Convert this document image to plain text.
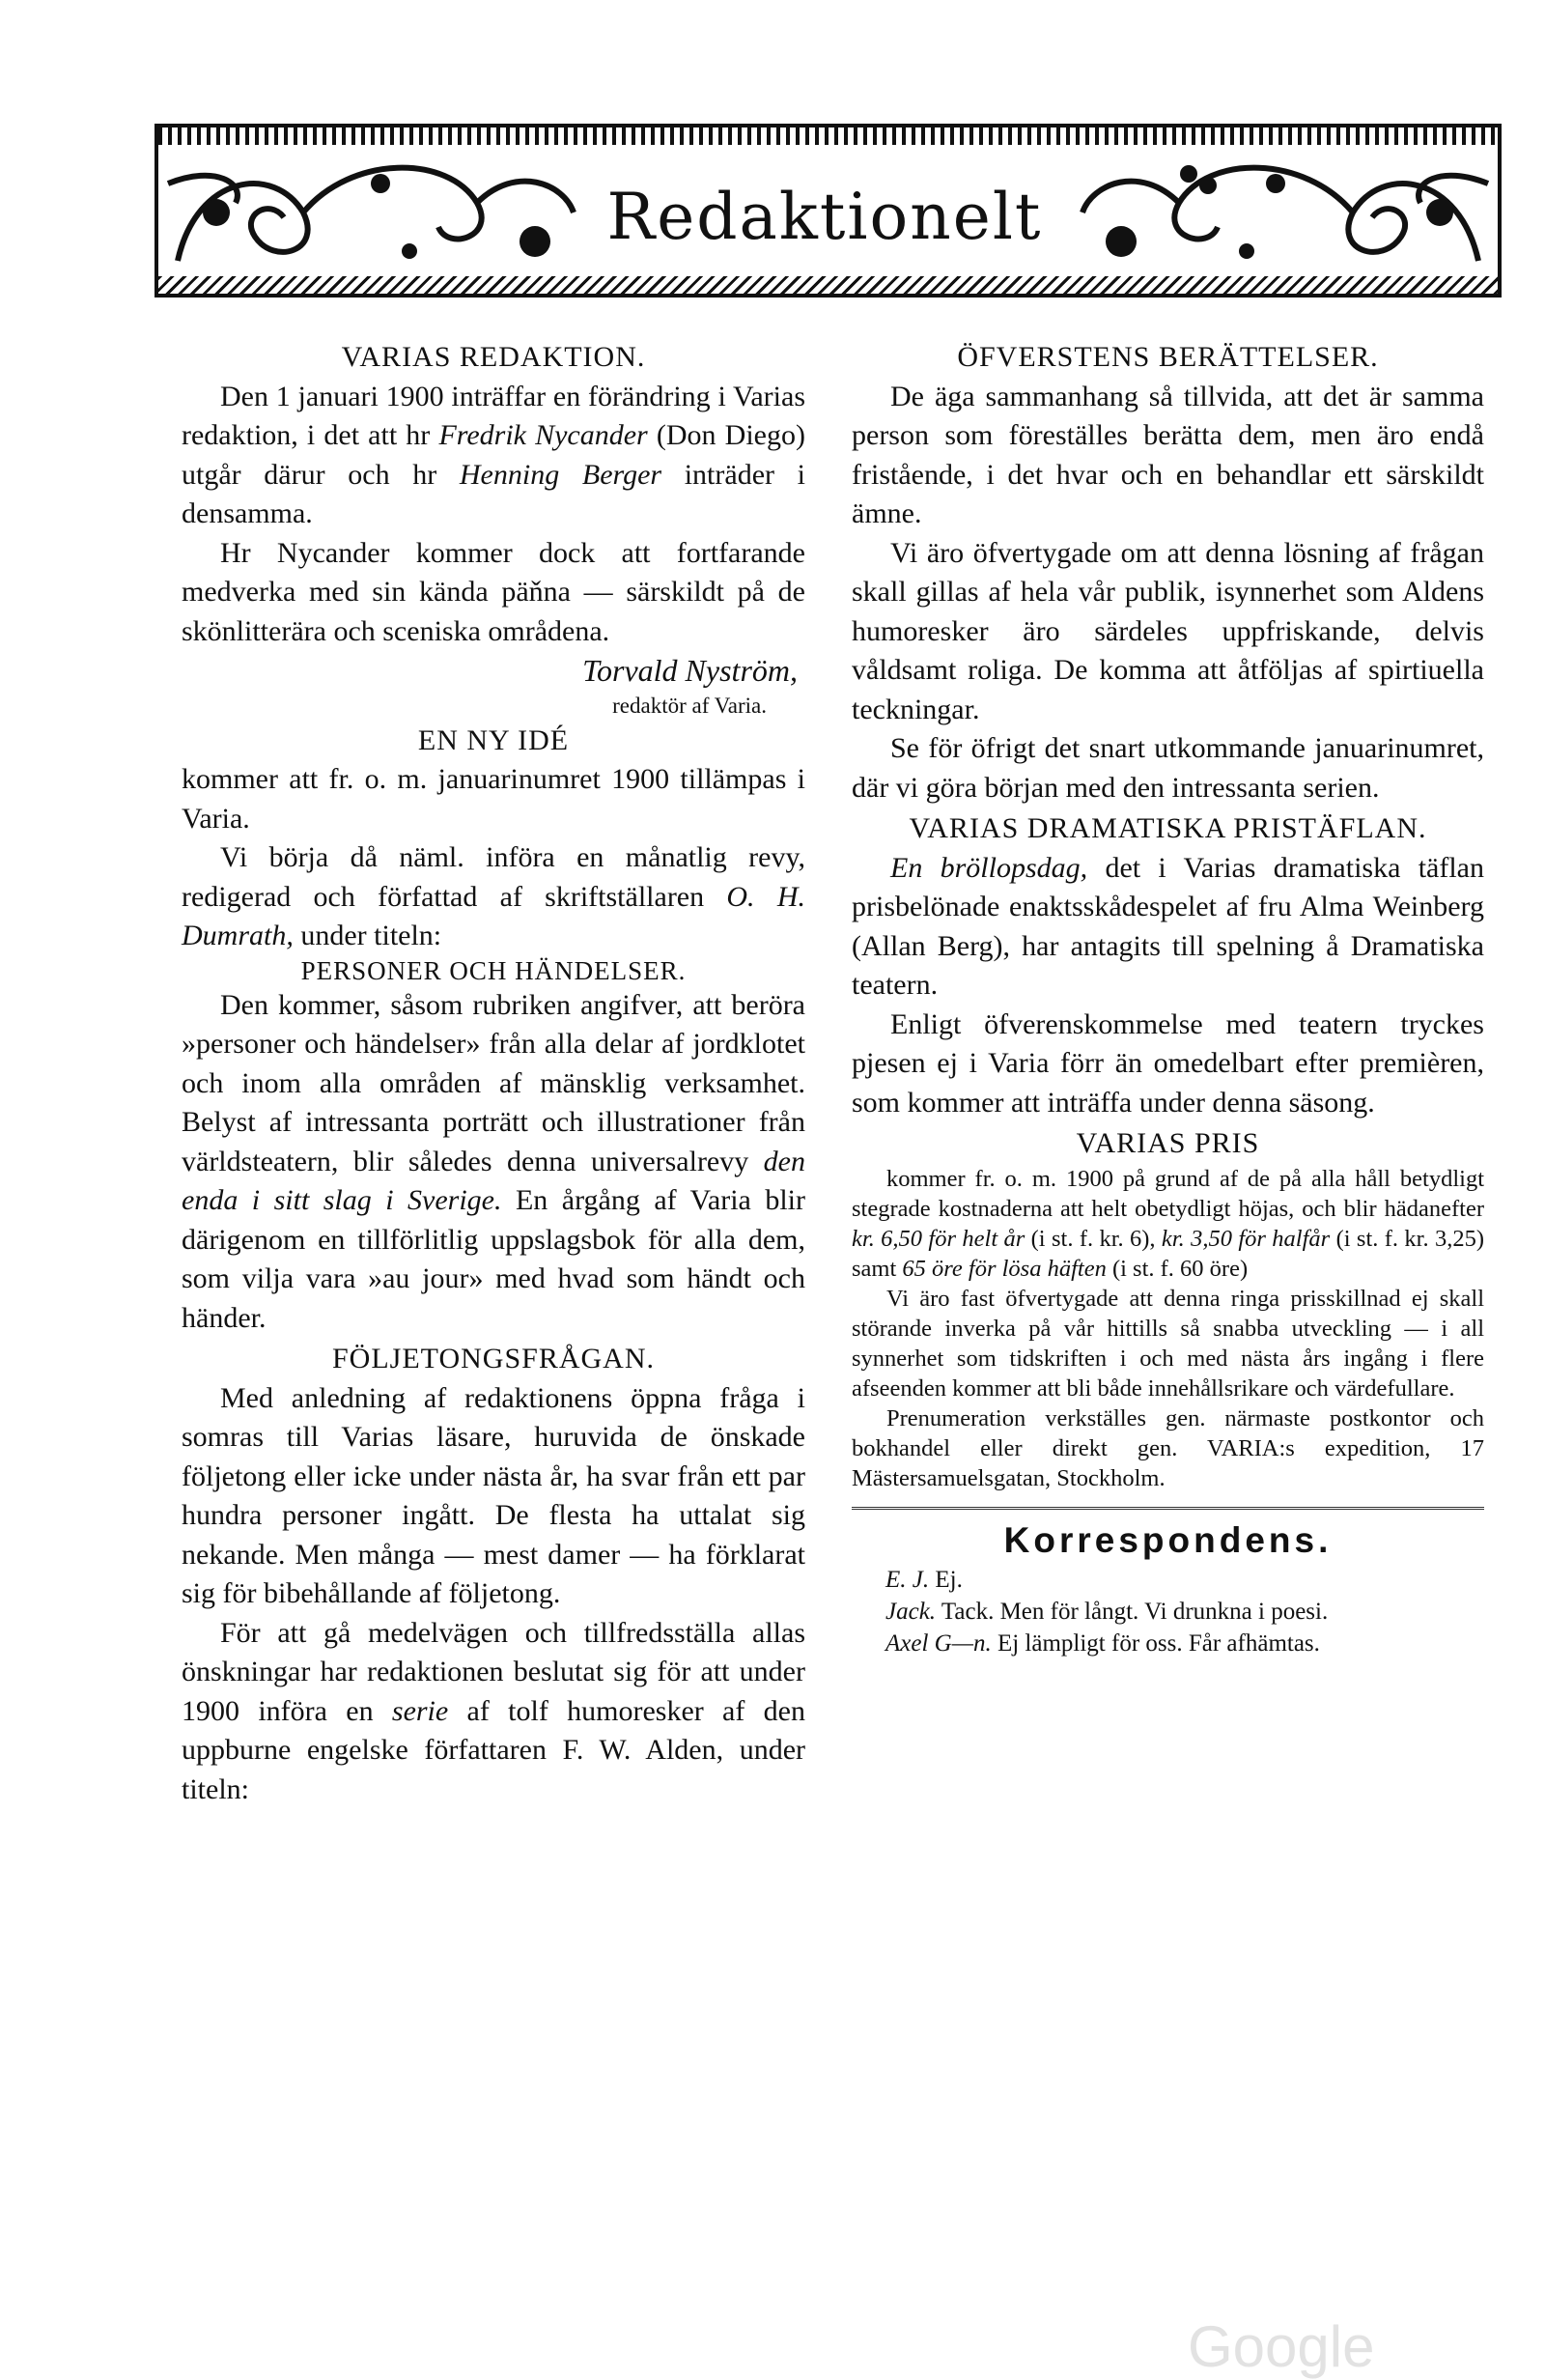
Redaktionelt
VARIAS REDAKTION.

Den 1 januari 1900 inträffar en förändring i Varias redaktion, i det att hr Fredrik Nycander (Don Diego) utgår därur och hr Henning Berger inträder i densamma.

Hr Nycander kommer dock att fortfarande medverka med sin kända päňna — särskildt på de skönlitterära och sceniska områdena.

Torvald Nyström,
redaktör af Varia.
EN NY IDÉ

kommer att fr. o. m. januarinumret 1900 tillämpas i Varia.

Vi börja då näml. införa en månatlig revy, redigerad och författad af skriftställaren O. H. Dumrath, under titeln:

PERSONER OCH HÄNDELSER.

Den kommer, såsom rubriken angifver, att beröra »personer och händelser» från alla delar af jordklotet och inom alla områden af mänsklig verksamhet. Belyst af intressanta porträtt och illustrationer från världsteatern, blir således denna universalrevy den enda i sitt slag i Sverige. En årgång af Varia blir därigenom en tillförlitlig uppslagsbok för alla dem, som vilja vara »au jour» med hvad som händt och händer.

FÖLJETONGSFRÅGAN.

Med anledning af redaktionens öppna fråga i somras till Varias läsare, huruvida de önskade följetong eller icke under nästa år, ha svar från ett par hundra personer ingått. De flesta ha uttalat sig nekande. Men många — mest damer — ha förklarat sig för bibehållande af följetong.

För att gå medelvägen och tillfredsställa allas önskningar har redaktionen beslutat sig för att under 1900 införa en serie af tolf humoresker af den uppburne engelske författaren F. W. Alden, under titeln:

ÖFVERSTENS BERÄTTELSER.

De äga sammanhang så tillvida, att det är samma person som föreställes berätta dem, men äro endå fristående, i det hvar och en behandlar ett särskildt ämne.

Vi äro öfvertygade om att denna lösning af frågan skall gillas af hela vår publik, isynnerhet som Aldens humoresker äro särdeles uppfriskande, delvis våldsamt roliga. De komma att åtföljas af spirtiuella teckningar.

Se för öfrigt det snart utkommande januarinumret, där vi göra början med den intressanta serien.

VARIAS DRAMATISKA PRISTÄFLAN.

En bröllopsdag, det i Varias dramatiska täflan prisbelönade enaktsskådespelet af fru Alma Weinberg (Allan Berg), har antagits till spelning å Dramatiska teatern.

Enligt öfverenskommelse med teatern tryckes pjesen ej i Varia förr än omedelbart efter premièren, som kommer att inträffa under denna säsong.

VARIAS PRIS

kommer fr. o. m. 1900 på grund af de på alla håll betydligt stegrade kostnaderna att helt obetydligt höjas, och blir hädanefter kr. 6,50 för helt år (i st. f. kr. 6), kr. 3,50 för halfår (i st. f. kr. 3,25) samt 65 öre för lösa häften (i st. f. 60 öre)

Vi äro fast öfvertygade att denna ringa prisskillnad ej skall störande inverka på vår hittills så snabba utveckling — i all synnerhet som tidskriften i och med nästa års ingång i flere afseenden kommer att bli både innehållsrikare och värdefullare.

Prenumeration verkställes gen. närmaste postkontor och bokhandel eller direkt gen. VARIA:s expedition, 17 Mästersamuelsgatan, Stockholm.

Korrespondens.
E. J. Ej.
Jack. Tack. Men för långt. Vi drunkna i poesi.
Axel G—n. Ej lämpligt för oss. Får afhämtas.
Google
